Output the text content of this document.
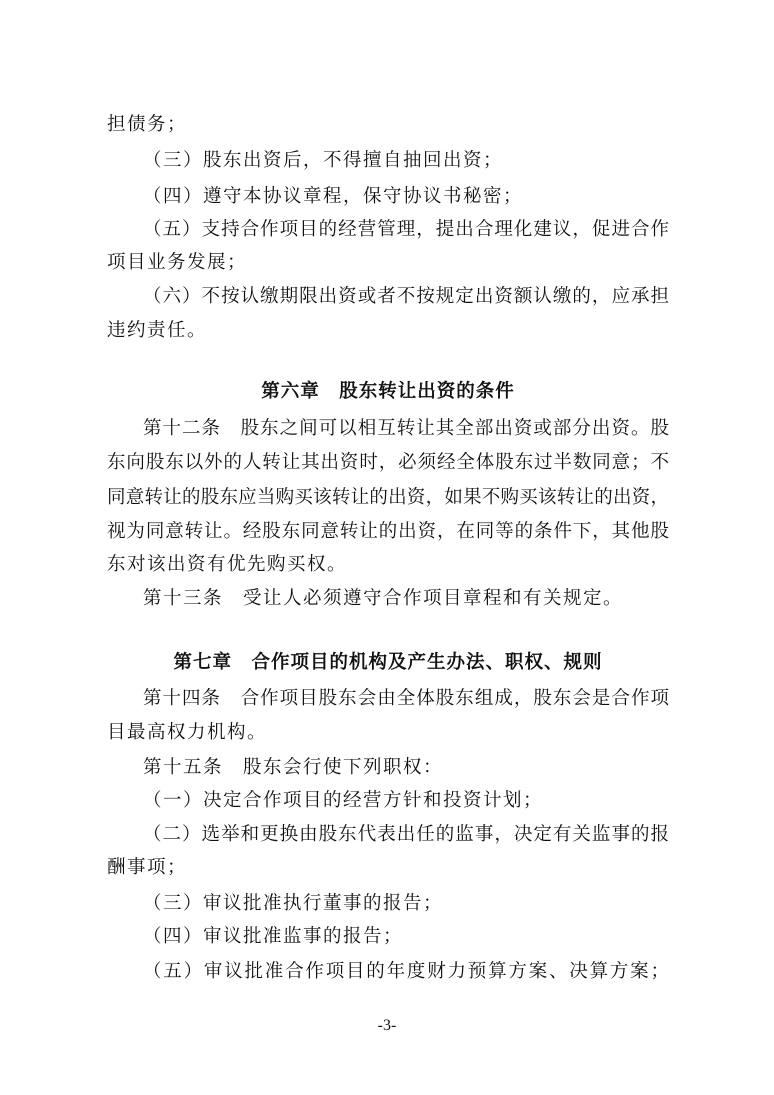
担债务；
（三）股东出资后，不得擅自抽回出资；
（四）遵守本协议章程，保守协议书秘密；
（五）支持合作项目的经营管理，提出合理化建议，促进合作
项目业务发展；
（六）不按认缴期限出资或者不按规定出资额认缴的，应承担
违约责任。
第六章　股东转让出资的条件
第十二条　股东之间可以相互转让其全部出资或部分出资。股
东向股东以外的人转让其出资时，必须经全体股东过半数同意；不
同意转让的股东应当购买该转让的出资，如果不购买该转让的出资，
视为同意转让。经股东同意转让的出资，在同等的条件下，其他股
东对该出资有优先购买权。
第十三条　受让人必须遵守合作项目章程和有关规定。
第七章　合作项目的机构及产生办法、职权、规则
第十四条　合作项目股东会由全体股东组成，股东会是合作项
目最高权力机构。
第十五条　股东会行使下列职权：
（一）决定合作项目的经营方针和投资计划；
（二）选举和更换由股东代表出任的监事，决定有关监事的报
酬事项；
（三）审议批准执行董事的报告；
（四）审议批准监事的报告；
（五）审议批准合作项目的年度财力预算方案、决算方案；
-3-
